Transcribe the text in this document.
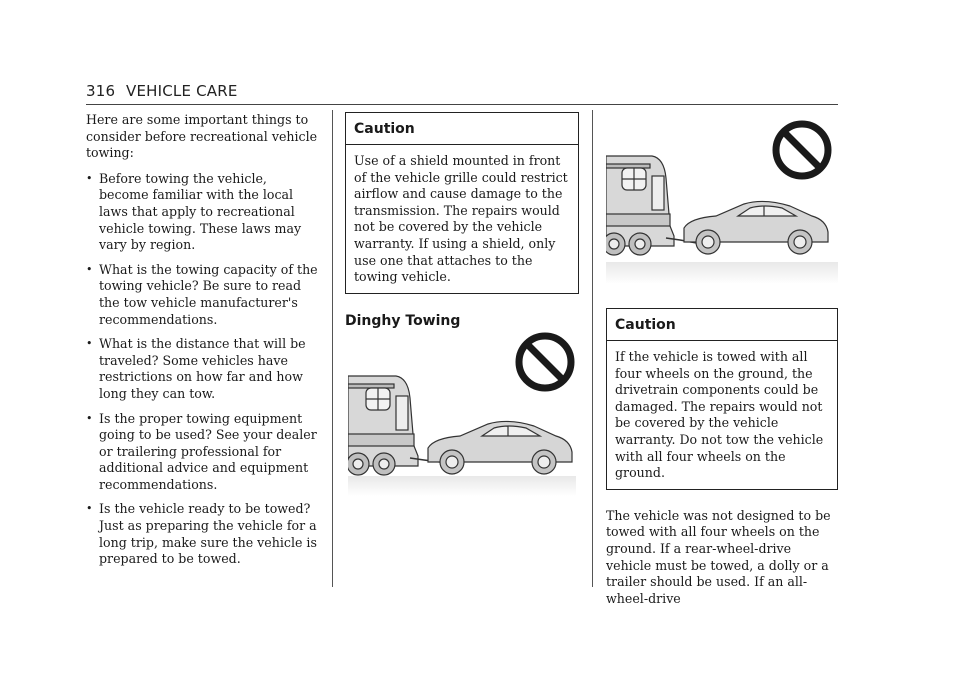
316 VEHICLE CARE

Here are some important things to consider before recreational vehicle towing:

• Before towing the vehicle, become familiar with the local laws that apply to recreational vehicle towing. These laws may vary by region.
• What is the towing capacity of the towing vehicle? Be sure to read the tow vehicle manufacturer's recommendations.
• What is the distance that will be traveled? Some vehicles have restrictions on how far and how long they can tow.
• Is the proper towing equipment going to be used? See your dealer or trailering professional for additional advice and equipment recommendations.
• Is the vehicle ready to be towed? Just as preparing the vehicle for a long trip, make sure the vehicle is prepared to be towed.
Caution
Use of a shield mounted in front of the vehicle grille could restrict airflow and cause damage to the transmission. The repairs would not be covered by the vehicle warranty. If using a shield, only use one that attaches to the towing vehicle.
Dinghy Towing	Caution
If the vehicle is towed with all four wheels on the ground, the drivetrain components could be damaged. The repairs would not be covered by the vehicle warranty. Do not tow the vehicle with all four wheels on the ground.

The vehicle was not designed to be towed with all four wheels on the ground. If a rear-wheel-drive vehicle must be towed, a dolly or a trailer should be used. If an all-wheel-drive
